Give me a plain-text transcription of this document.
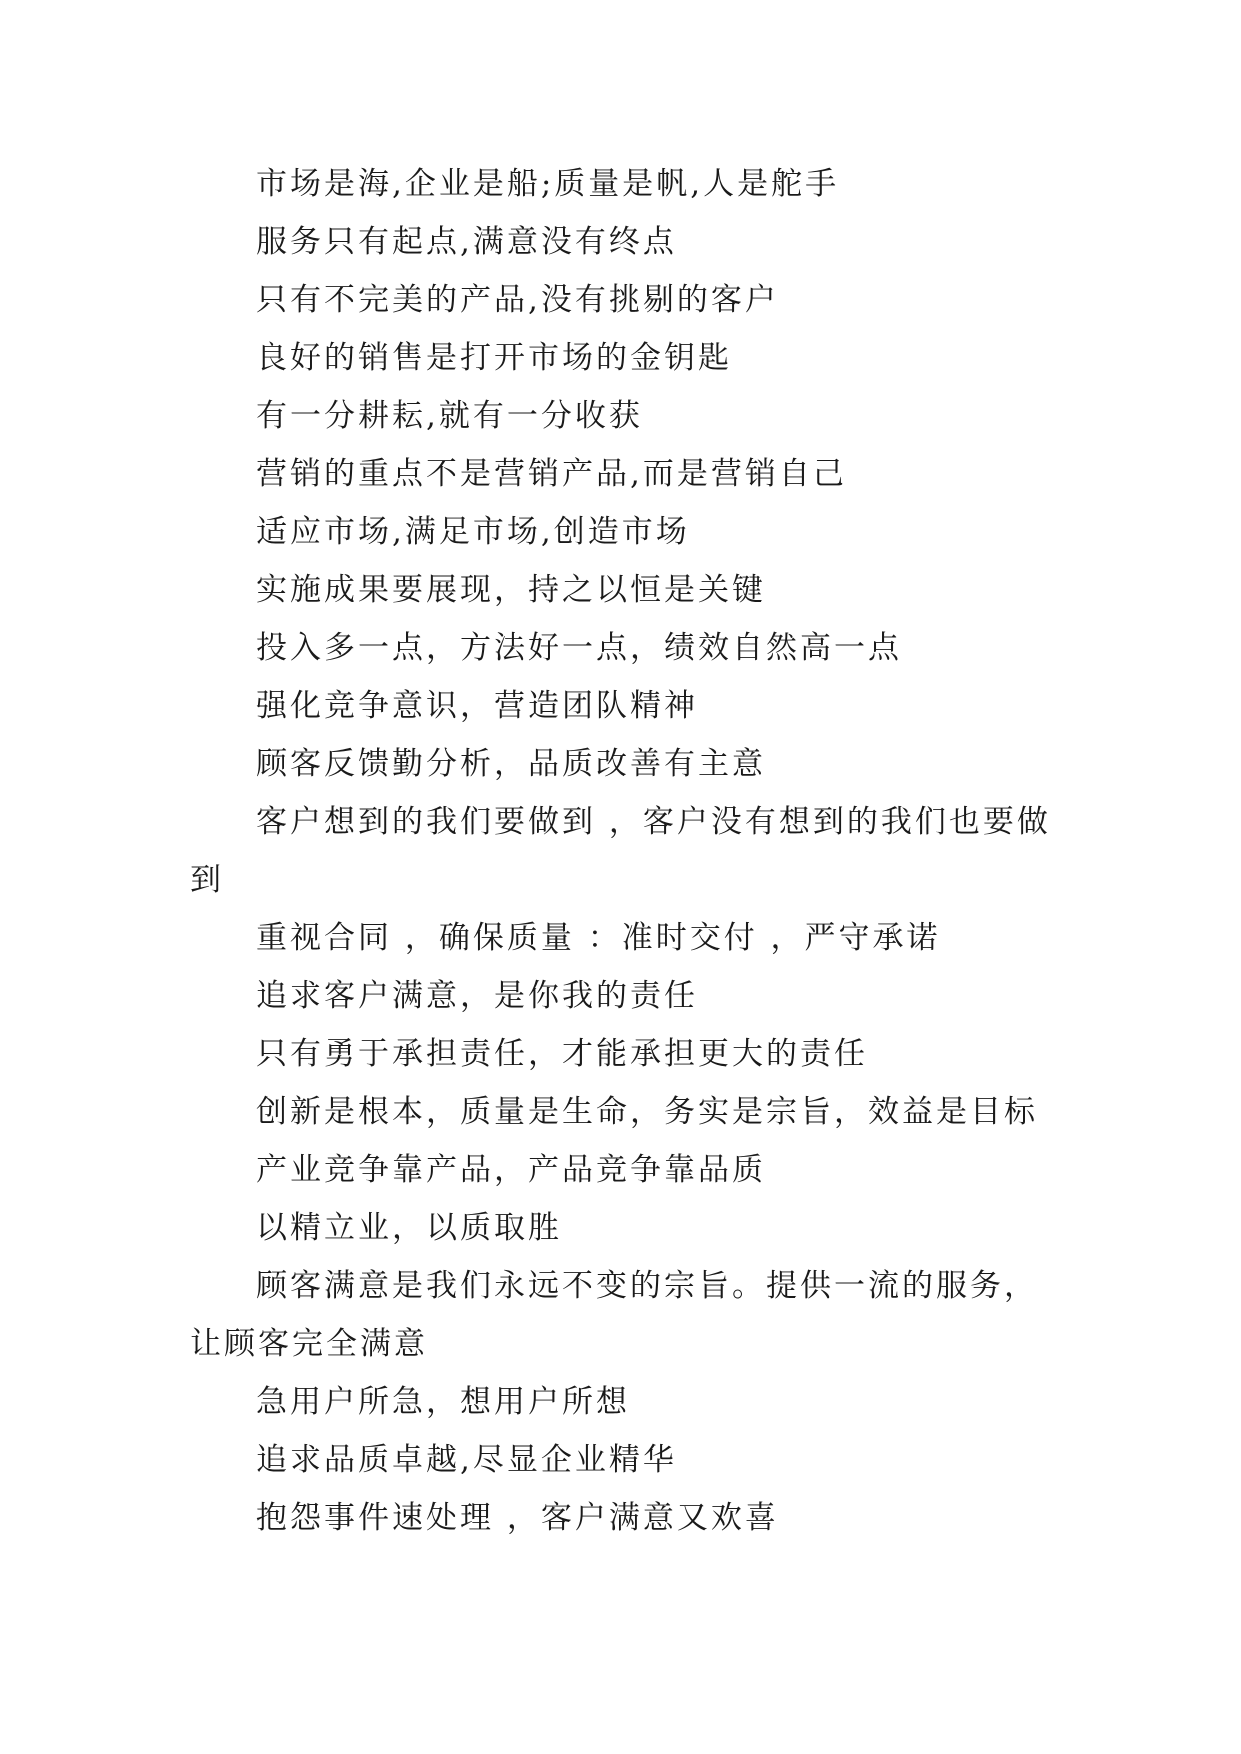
市场是海,企业是船;质量是帆,人是舵手

服务只有起点,满意没有终点

只有不完美的产品,没有挑剔的客户

良好的销售是打开市场的金钥匙

有一分耕耘,就有一分收获

营销的重点不是营销产品,而是营销自己

适应市场,满足市场,创造市场

实施成果要展现，持之以恒是关键

投入多一点，方法好一点，绩效自然高一点

强化竞争意识，营造团队精神

顾客反馈勤分析，品质改善有主意

客户想到的我们要做到 ，客户没有想到的我们也要做到

重视合同 ，确保质量 ：准时交付 ，严守承诺

追求客户满意，是你我的责任

只有勇于承担责任，才能承担更大的责任

创新是根本，质量是生命，务实是宗旨，效益是目标

产业竞争靠产品，产品竞争靠品质

以精立业，以质取胜

顾客满意是我们永远不变的宗旨。提供一流的服务，让顾客完全满意

急用户所急，想用户所想

追求品质卓越,尽显企业精华

抱怨事件速处理 ，客户满意又欢喜
